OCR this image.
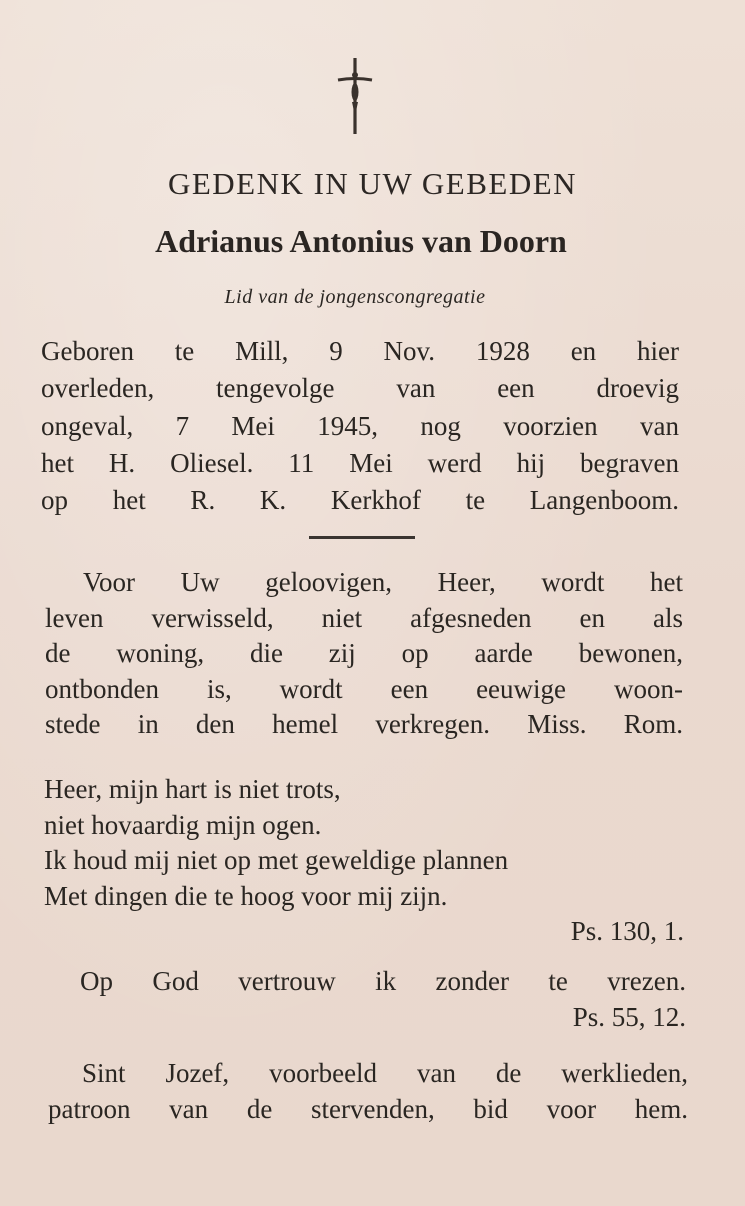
GEDENK IN UW GEBEDEN
Adrianus Antonius van Doorn
Lid van de jongenscongregatie
Geboren te Mill, 9 Nov. 1928 en hier
overleden, tengevolge van een droevig
ongeval, 7 Mei 1945, nog voorzien van
het H. Oliesel. 11 Mei werd hij begraven
op het R. K. Kerkhof te Langenboom.
Voor Uw geloovigen, Heer, wordt het
leven verwisseld, niet afgesneden en als
de woning, die zij op aarde bewonen,
ontbonden is, wordt een eeuwige woon-
stede in den hemel verkregen. Miss. Rom.
Heer, mijn hart is niet trots,
niet hovaardig mijn ogen.
Ik houd mij niet op met geweldige plannen
Met dingen die te hoog voor mij zijn.
Ps. 130, 1.
Op God vertrouw ik zonder te vrezen.
Ps. 55, 12.
Sint Jozef, voorbeeld van de werklieden,
patroon van de stervenden, bid voor hem.
